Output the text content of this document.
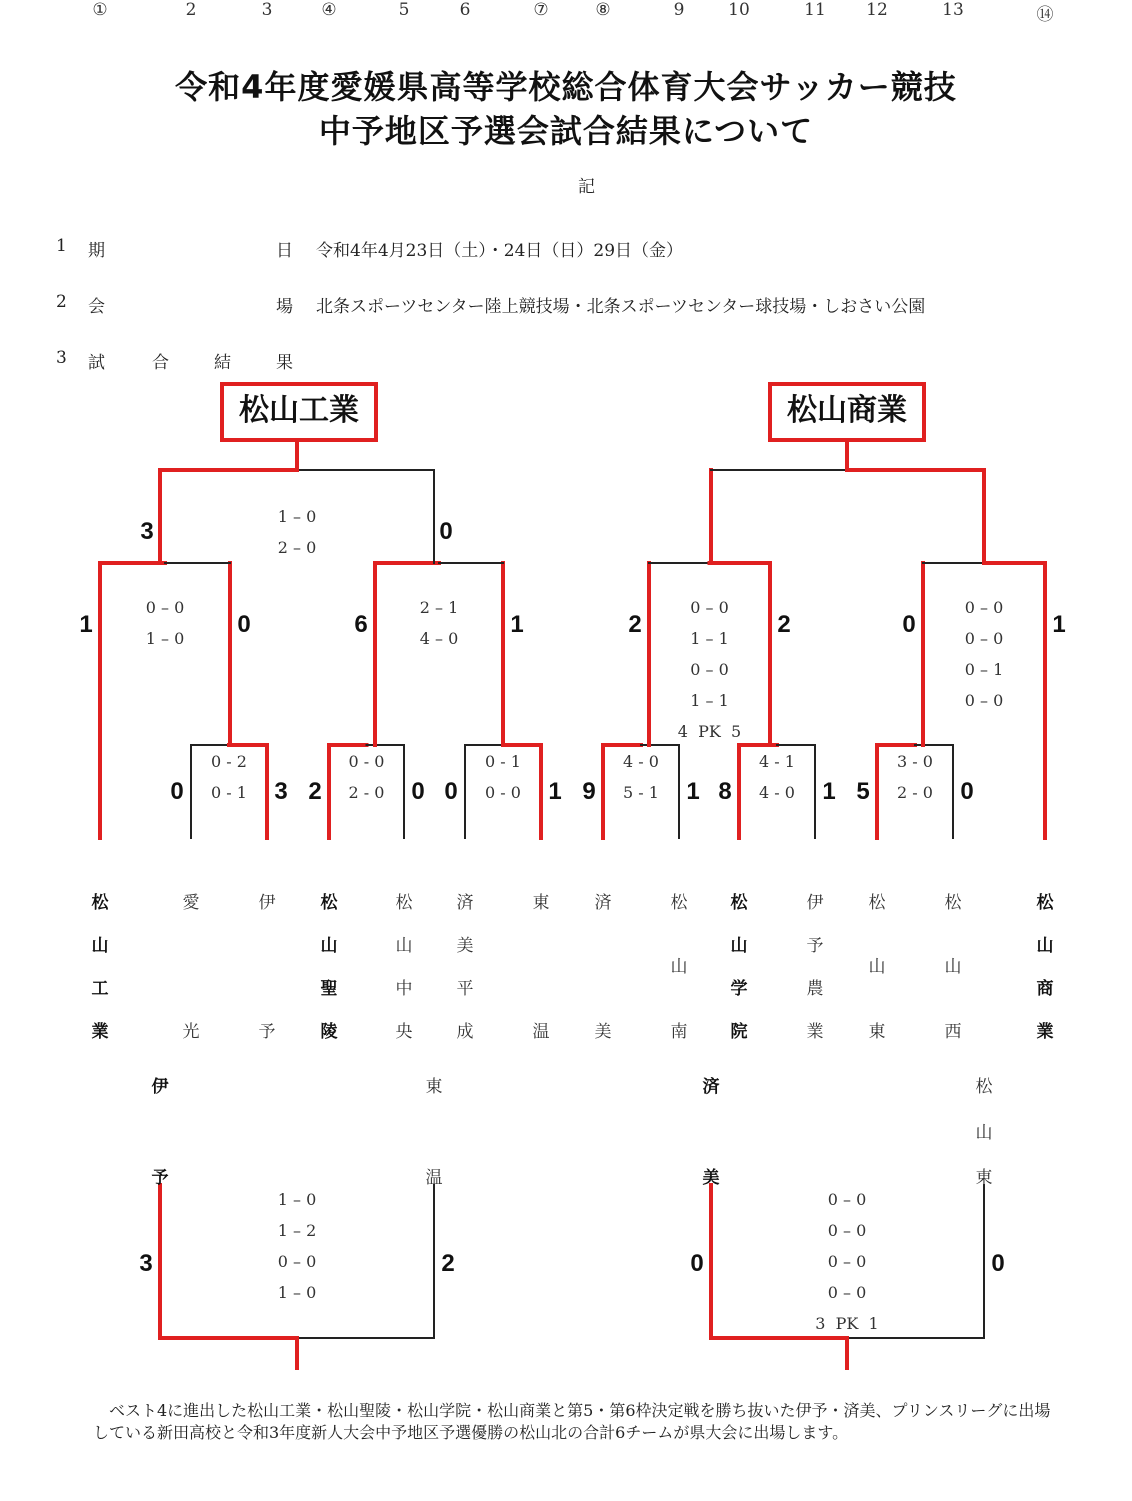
令和4年度愛媛県高等学校総合体育大会サッカー競技
中予地区予選会試合結果について
記
1 期	日 令和4年4月23日（土）・24日（日）29日（金）
2 会	場 北条スポーツセンター陸上競技場・北条スポーツセンター球技場・しおさい公園
3 試	合	結	果
松山工業	松山商業
0	3
0 - 2
0 - 1	2	0
0 - 0
2 - 0 0	1
0 - 1
0 - 0	9	1
4 - 0
5 - 1 8	1
4 - 1
4 - 0	5	0
3 - 0
2 - 0
1	0
0 – 0
1 – 0
6	1
2 – 1
4 – 0
2	2
0 – 0
1 – 1
0 – 0
1 – 1
4  PK  5
0	1
0 – 0
0 – 0
0 – 1
0 – 0
3	0
1 – 0
2 – 0
①
松
山
工
業
2
愛
光
3
伊
予
④
松
山
聖
陵
5
松
山
中
央
6
済
美
平
成
⑦
東
温
⑧
済
美
9
松
山
南
10
松
山
学
院
11
伊
予
農
業
12
松
山
東
13
松
山
西
⑭
松
山
商
業
3	2
1 – 0
1 – 2
0 – 0
1 – 0
伊
予
東
温
0	0
0 – 0
0 – 0
0 – 0
0 – 0
3  PK  1
済
美
松
山
東
ベスト4に進出した松山工業・松山聖陵・松山学院・松山商業と第5・第6枠決定戦を勝ち抜いた伊予・済美、プリンスリーグに出場している新田高校と令和3年度新人大会中予地区予選優勝の松山北の合計6チームが県大会に出場します。
